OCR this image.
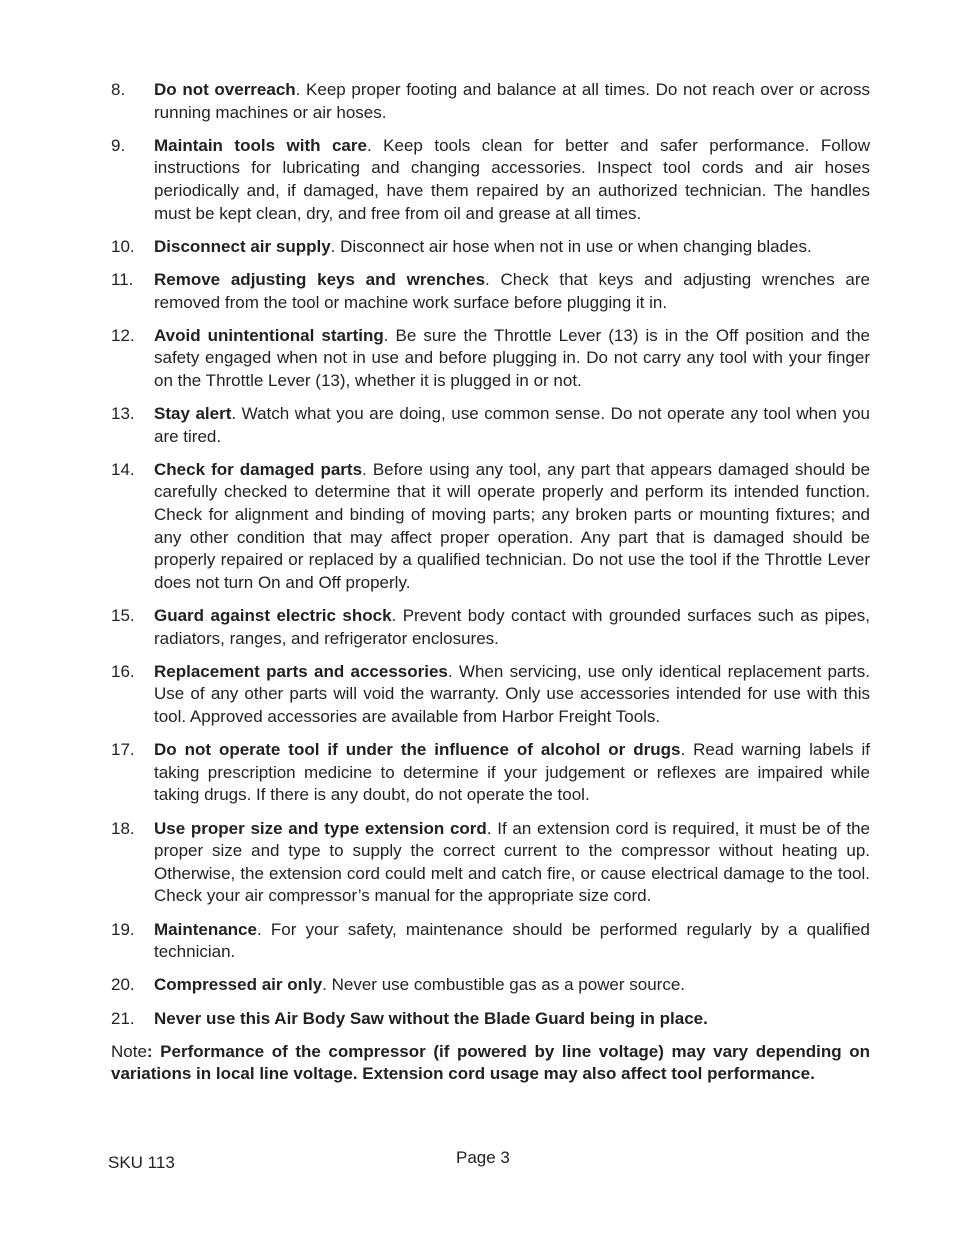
8.	Do not overreach. Keep proper footing and balance at all times. Do not reach over or across running machines or air hoses.
9.	Maintain tools with care. Keep tools clean for better and safer performance. Follow instructions for lubricating and changing accessories. Inspect tool cords and air hoses periodically and, if damaged, have them repaired by an authorized technician. The handles must be kept clean, dry, and free from oil and grease at all times.
10.	Disconnect air supply. Disconnect air hose when not in use or when changing blades.
11.	Remove adjusting keys and wrenches. Check that keys and adjusting wrenches are removed from the tool or machine work surface before plugging it in.
12.	Avoid unintentional starting. Be sure the Throttle Lever (13) is in the Off position and the safety engaged when not in use and before plugging in. Do not carry any tool with your finger on the Throttle Lever (13), whether it is plugged in or not.
13.	Stay alert. Watch what you are doing, use common sense. Do not operate any tool when you are tired.
14.	Check for damaged parts. Before using any tool, any part that appears damaged should be carefully checked to determine that it will operate properly and perform its intended function. Check for alignment and binding of moving parts; any broken parts or mounting fixtures; and any other condition that may affect proper operation. Any part that is damaged should be properly repaired or replaced by a qualified technician. Do not use the tool if the Throttle Lever does not turn On and Off properly.
15.	Guard against electric shock. Prevent body contact with grounded surfaces such as pipes, radiators, ranges, and refrigerator enclosures.
16.	Replacement parts and accessories. When servicing, use only identical replacement parts. Use of any other parts will void the warranty. Only use accessories intended for use with this tool. Approved accessories are available from Harbor Freight Tools.
17.	Do not operate tool if under the influence of alcohol or drugs. Read warning labels if taking prescription medicine to determine if your judgement or reflexes are impaired while taking drugs. If there is any doubt, do not operate the tool.
18.	Use proper size and type extension cord. If an extension cord is required, it must be of the proper size and type to supply the correct current to the compressor without heating up. Otherwise, the extension cord could melt and catch fire, or cause electrical damage to the tool. Check your air compressor’s manual for the appropriate size cord.
19.	Maintenance. For your safety, maintenance should be performed regularly by a qualified technician.
20.	Compressed air only. Never use combustible gas as a power source.
21.	Never use this Air Body Saw without the Blade Guard being in place.
Note: Performance of the compressor (if powered by line voltage) may vary depending on variations in local line voltage. Extension cord usage may also affect tool performance.
SKU 113	Page 3
